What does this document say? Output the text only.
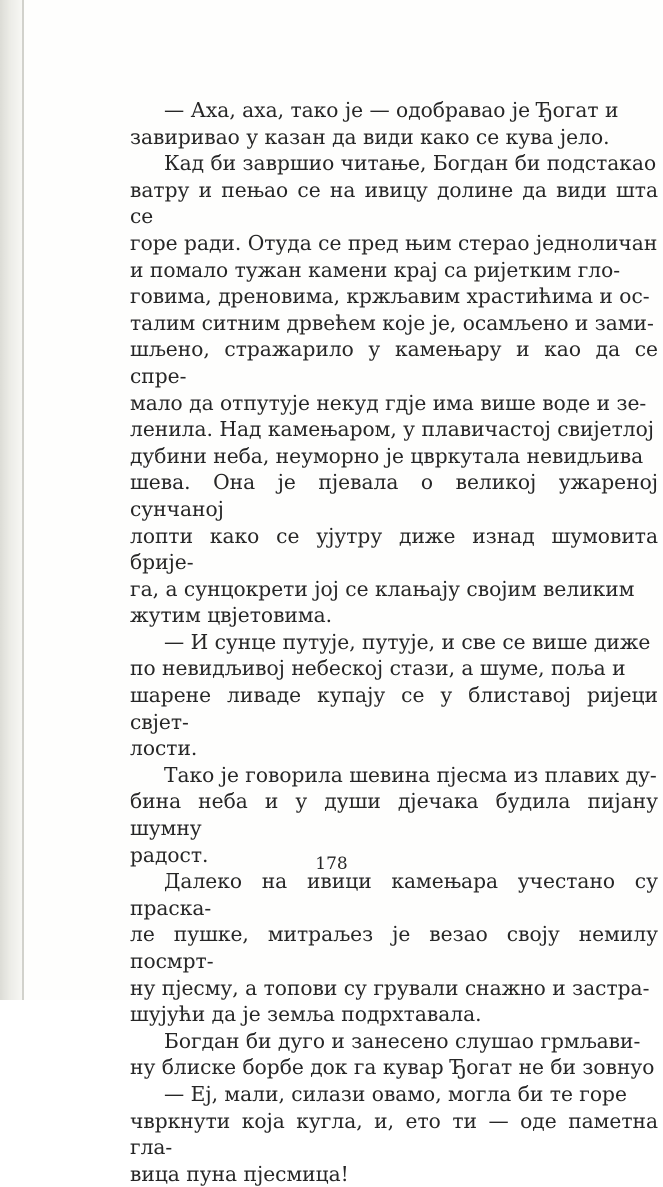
— Аха, аха, тако је — одобравао је Ђогат и
завиривао у казан да види како се кува јело.

Кад би завршио читање, Богдан би подстакао
ватру и пењао се на ивицу долине да види шта се
горе ради. Отуда се пред њим стерао једноличан
и помало тужан камени крај са ријетким гло-
говима, дреновима, кржљавим храстићима и ос-
талим ситним дрвећем које је, осамљено и зами-
шљено, стражарило у камењару и као да се спре-
мало да отпутује некуд гдје има више воде и зе-
ленила. Над камењаром, у плавичастој свијетлој
дубини неба, неуморно је цвркутала невидљива
шева. Она је пјевала о великој ужареној сунчаној
лопти како се ујутру диже изнад шумовита брије-
га, а сунцокрети јој се клањају својим великим
жутим цвјетовима.

— И сунце путује, путује, и све се више диже
по невидљивој небеској стази, а шуме, поља и
шарене ливаде купају се у блиставој ријеци свјет-
лости.

Тако је говорила шевина пјесма из плавих ду-
бина неба и у души дјечака будила пијану шумну
радост.

Далеко на ивици камењара учестано су праска-
ле пушке, митраљез је везао своју немилу посмрт-
ну пјесму, а топови су грували снажно и застра-
шујући да је земља подрхтавала.

Богдан би дуго и занесено слушао грмљави-
ну блиске борбе док га кувар Ђогат не би зовнуо

— Еј, мали, силази овамо, могла би те горе
чвркнути која кугла, и, ето ти — оде паметна гла-
вица пуна пјесмица!

178
